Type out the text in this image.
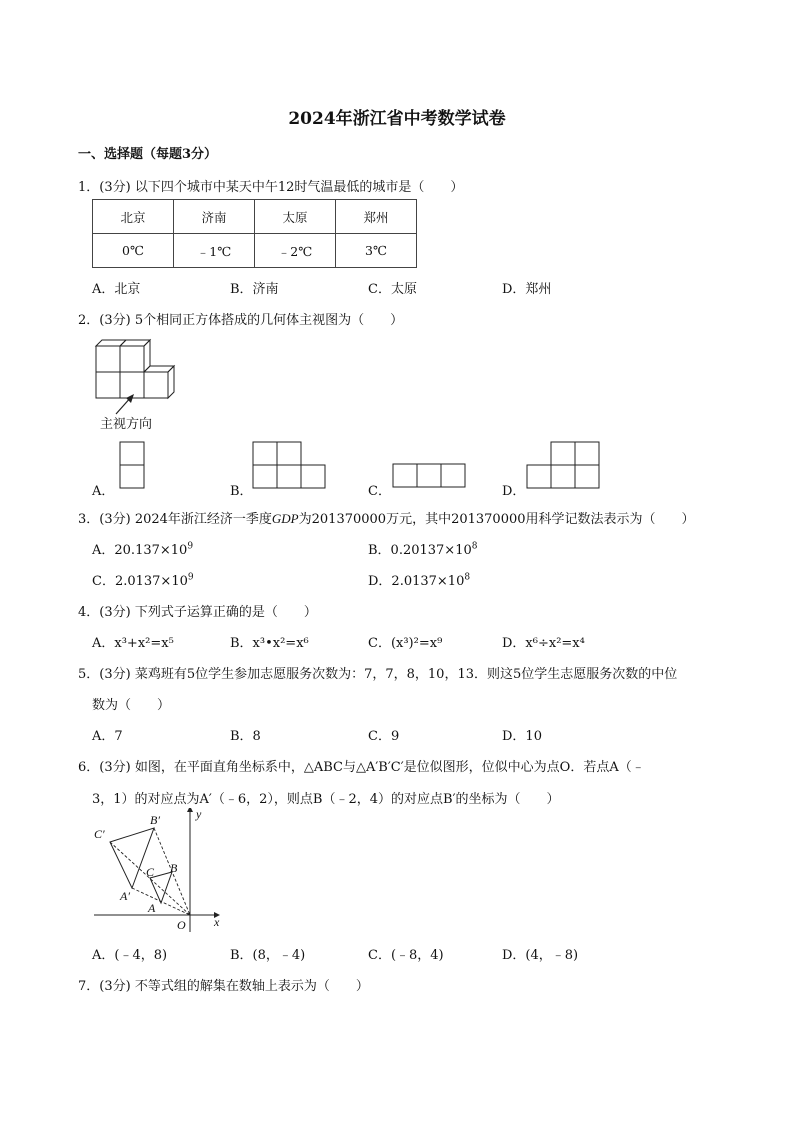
2024年浙江省中考数学试卷
一、选择题（每题3分）
1．(3分) 以下四个城市中某天中午12时气温最低的城市是（　　）
北京	济南	太原	郑州
0℃	﹣1℃	﹣2℃	3℃
A．北京	B．济南	C．太原	D．郑州
2．(3分) 5个相同正方体搭成的几何体主视图为（　　）
主视方向
A．	B．	C．	D．
3．(3分) 2024年浙江经济一季度GDP为201370000万元，其中201370000用科学记数法表示为（　　）
A．$20.137\times 10^9$	B．$0.20137\times 10^8$
C．$2.0137\times 10^9$	D．$2.0137\times 10^8$
4．(3分) 下列式子运算正确的是（　　）
A．x³+x²=x⁵	B．x³•x²=x⁶	C．(x³)²=x⁹	D．x⁶÷x²=x⁴
5．(3分) 菜鸡班有5位学生参加志愿服务次数为：7，7，8，10，13．则这5位学生志愿服务次数的中位
数为（　　）
A．7	B．8	C．9	D．10
6．(3分) 如图，在平面直角坐标系中，△ABC与△A′B′C′是位似图形，位似中心为点O．若点A（﹣
3，1）的对应点为A′（﹣6，2），则点B（﹣2，4）的对应点B′的坐标为（　　）
y
x
O
A
B
C
A′
B′
C′
A．(﹣4，8)	B．(8，﹣4)	C．(﹣8，4)	D．(4，﹣8)
7．(3分) 不等式组的解集在数轴上表示为（　　）
